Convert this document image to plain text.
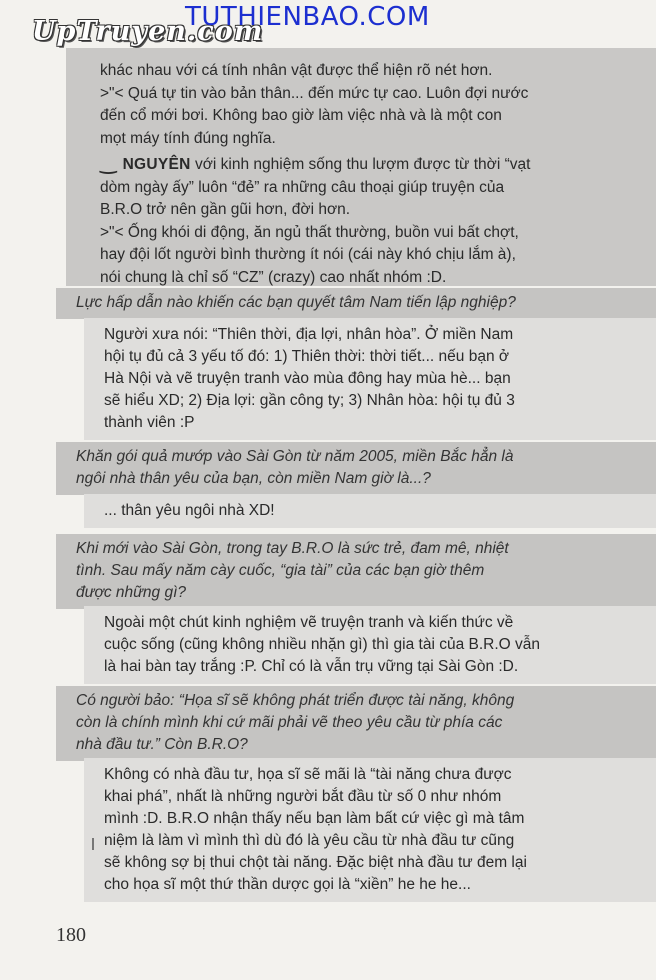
UpTruyen.com
TUTHIENBAO.COM

khác nhau với cá tính nhân vật được thể hiện rõ nét hơn.
>"< Quá tự tin vào bản thân... đến mức tự cao. Luôn đợi nước
đến cổ mới bơi. Không bao giờ làm việc nhà và là một con
mọt máy tính đúng nghĩa.

‿ NGUYÊN với kinh nghiệm sống thu lượm được từ thời “vạt
dòm ngày ấy” luôn “đẻ” ra những câu thoại giúp truyện của
B.R.O trở nên gần gũi hơn, đời hơn.
>"< Ống khói di động, ăn ngủ thất thường, buồn vui bất chợt,
hay đội lốt người bình thường ít nói (cái này khó chịu lắm à),
nói chung là chỉ số “CZ” (crazy) cao nhất nhóm :D.

Lực hấp dẫn nào khiến các bạn quyết tâm Nam tiến lập nghiệp?
Người xưa nói: “Thiên thời, địa lợi, nhân hòa”. Ở miền Nam
hội tụ đủ cả 3 yếu tố đó: 1) Thiên thời: thời tiết... nếu bạn ở
Hà Nội và vẽ truyện tranh vào mùa đông hay mùa hè... bạn
sẽ hiểu XD; 2) Địa lợi: gần công ty; 3) Nhân hòa: hội tụ đủ 3
thành viên :P
Khăn gói quả mướp vào Sài Gòn từ năm 2005, miền Bắc hẳn là
ngôi nhà thân yêu của bạn, còn miền Nam giờ là...?
... thân yêu ngôi nhà XD!
Khi mới vào Sài Gòn, trong tay B.R.O là sức trẻ, đam mê, nhiệt
tình. Sau mấy năm cày cuốc, “gia tài” của các bạn giờ thêm
được những gì?
Ngoài một chút kinh nghiệm vẽ truyện tranh và kiến thức về
cuộc sống (cũng không nhiều nhặn gì) thì gia tài của B.R.O vẫn
là hai bàn tay trắng :P. Chỉ có là vẫn trụ vững tại Sài Gòn :D.
Có người bảo: “Họa sĩ sẽ không phát triển được tài năng, không
còn là chính mình khi cứ mãi phải vẽ theo yêu cầu từ phía các
nhà đầu tư.” Còn B.R.O?
Không có nhà đầu tư, họa sĩ sẽ mãi là “tài năng chưa được
khai phá”, nhất là những người bắt đầu từ số 0 như nhóm
mình :D. B.R.O nhận thấy nếu bạn làm bất cứ việc gì mà tâm
niệm là làm vì mình thì dù đó là yêu cầu từ nhà đầu tư cũng
sẽ không sợ bị thui chột tài năng. Đặc biệt nhà đầu tư đem lại
cho họa sĩ một thứ thần dược gọi là “xiền” he he he...
180
